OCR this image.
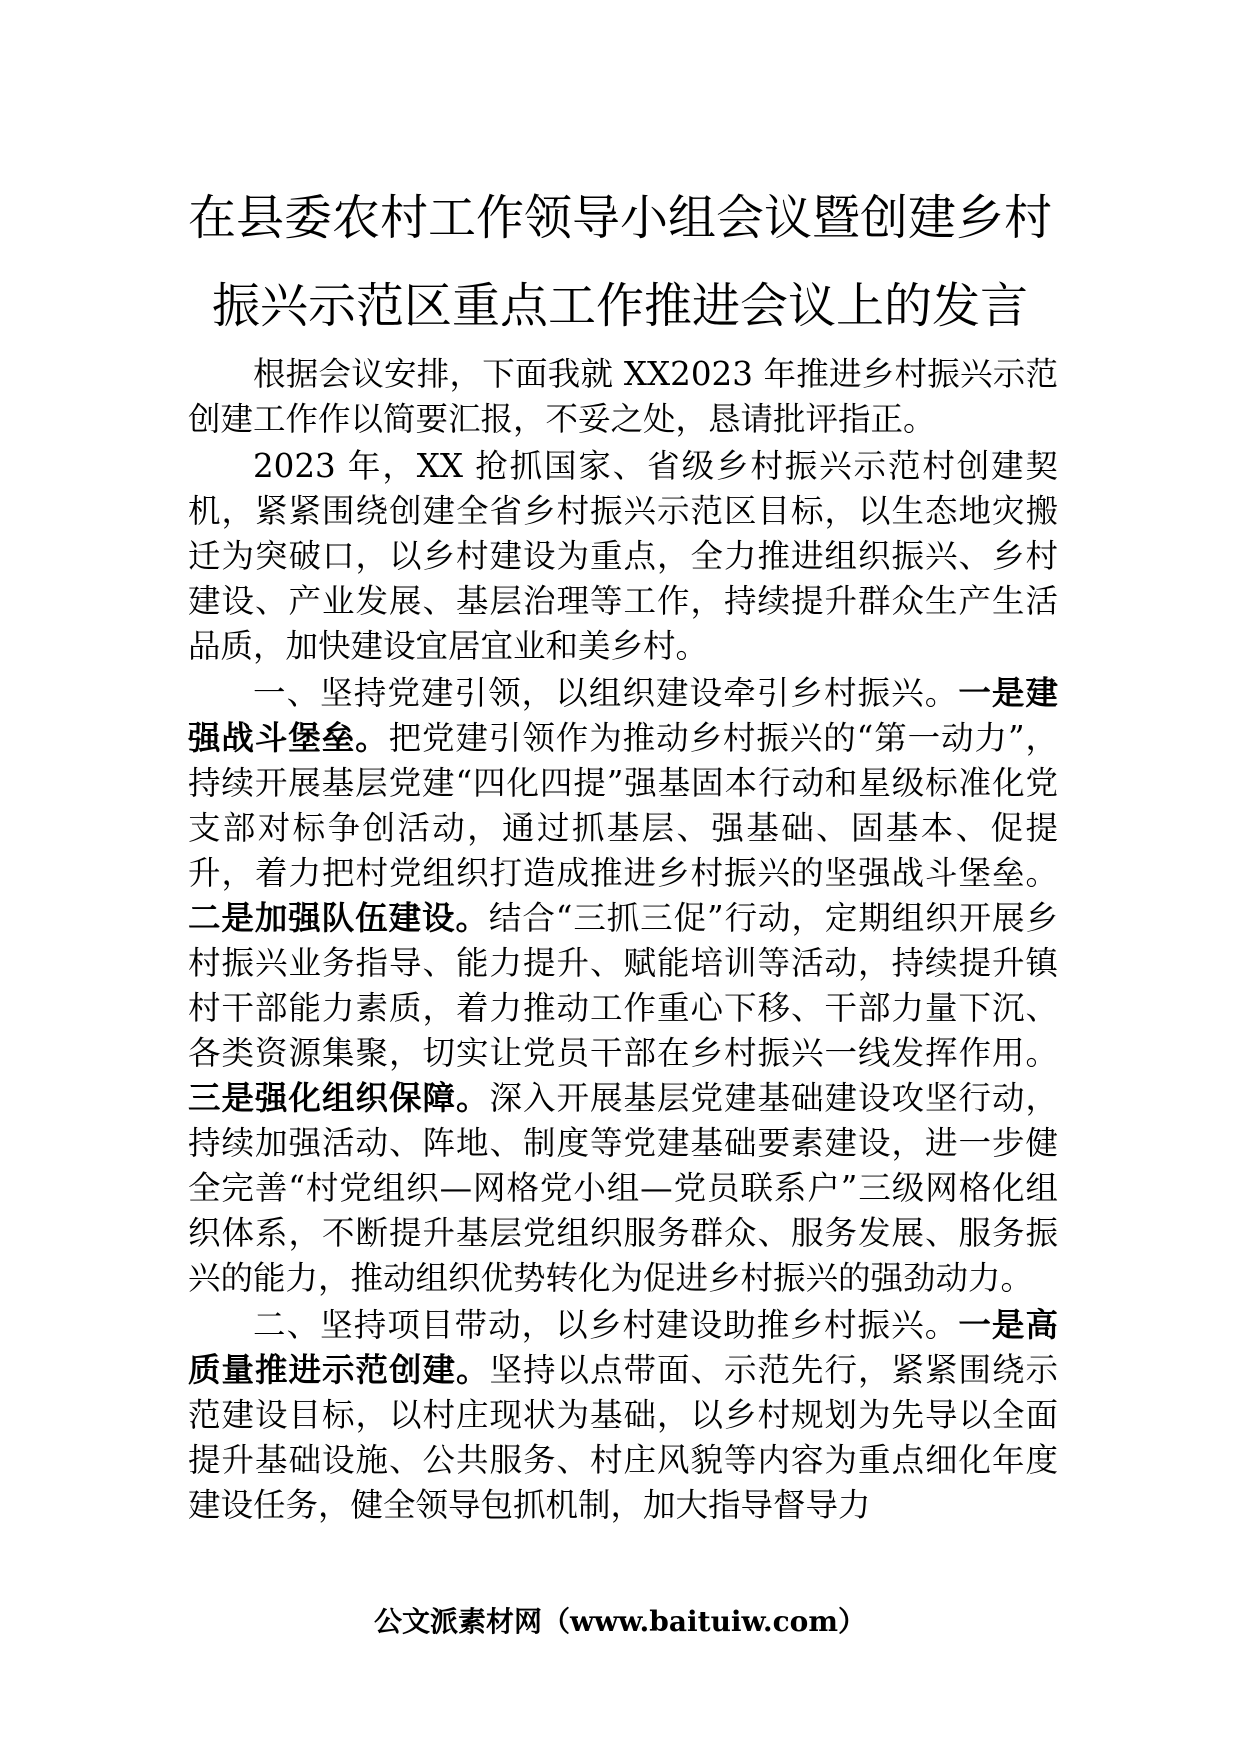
在县委农村工作领导小组会议暨创建乡村
振兴示范区重点工作推进会议上的发言

根据会议安排，下面我就 XX2023 年推进乡村振兴示范创建工作作以简要汇报，不妥之处，恳请批评指正。

2023 年，XX 抢抓国家、省级乡村振兴示范村创建契机，紧紧围绕创建全省乡村振兴示范区目标，以生态地灾搬迁为突破口，以乡村建设为重点，全力推进组织振兴、乡村建设、产业发展、基层治理等工作，持续提升群众生产生活品质，加快建设宜居宜业和美乡村。

一、坚持党建引领，以组织建设牵引乡村振兴。一是建强战斗堡垒。把党建引领作为推动乡村振兴的“第一动力”，持续开展基层党建“四化四提”强基固本行动和星级标准化党支部对标争创活动，通过抓基层、强基础、固基本、促提升，着力把村党组织打造成推进乡村振兴的坚强战斗堡垒。二是加强队伍建设。结合“三抓三促”行动，定期组织开展乡村振兴业务指导、能力提升、赋能培训等活动，持续提升镇村干部能力素质，着力推动工作重心下移、干部力量下沉、各类资源集聚，切实让党员干部在乡村振兴一线发挥作用。三是强化组织保障。深入开展基层党建基础建设攻坚行动，持续加强活动、阵地、制度等党建基础要素建设，进一步健全完善“村党组织—网格党小组—党员联系户”三级网格化组织体系，不断提升基层党组织服务群众、服务发展、服务振兴的能力，推动组织优势转化为促进乡村振兴的强劲动力。

二、坚持项目带动，以乡村建设助推乡村振兴。一是高质量推进示范创建。坚持以点带面、示范先行，紧紧围绕示范建设目标，以村庄现状为基础，以乡村规划为先导以全面提升基础设施、公共服务、村庄风貌等内容为重点细化年度建设任务，健全领导包抓机制，加大指导督导力

公文派素材网（www.baituiw.com）
